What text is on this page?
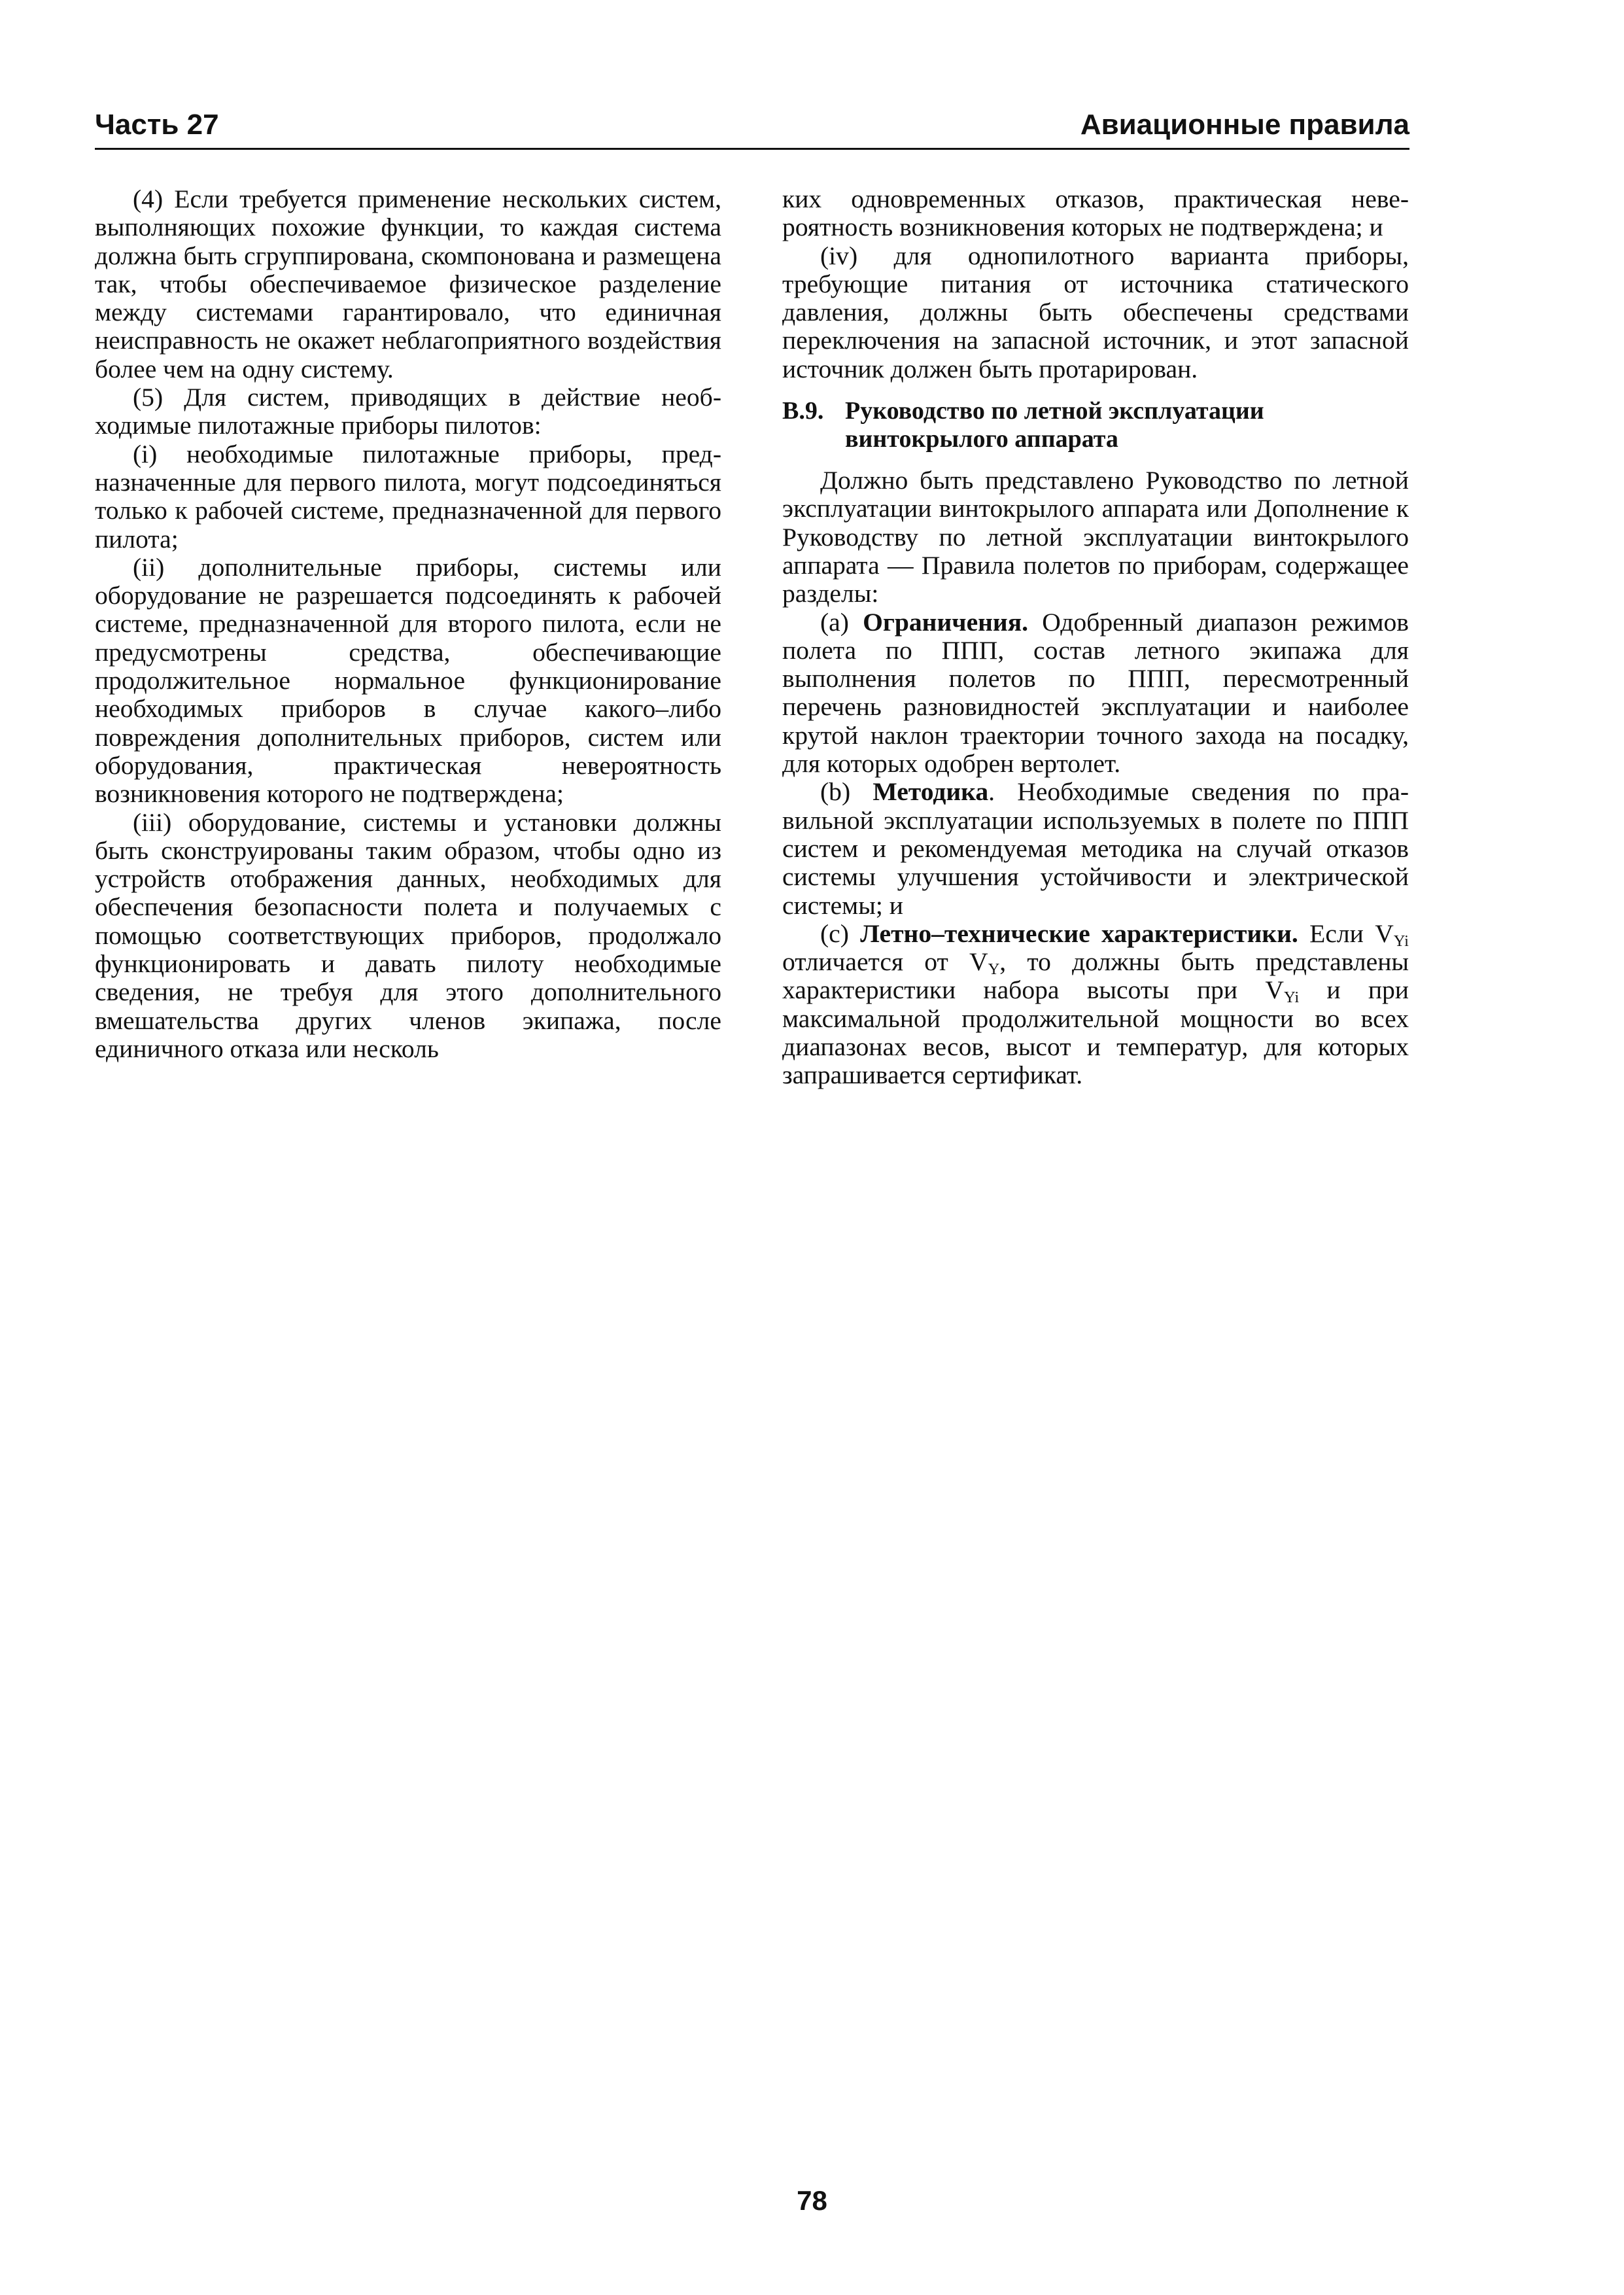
Часть 27	Авиационные правила

(4) Если требуется применение нескольких систем, выполняющих похожие функции, то каждая система должна быть сгруппирована, скомпонована и размещена так, чтобы обеспечиваемое физическое разделение между системами гарантировало, что единичная неисправность не окажет неблагоприятного воздействия более чем на одну систему.

(5) Для систем, приводящих в действие необходимые пилотажные приборы пилотов:

(i) необходимые пилотажные приборы, предназначенные для первого пилота, могут подсоединяться только к рабочей системе, предназначенной для первого пилота;

(ii) дополнительные приборы, системы или оборудование не разрешается подсоединять к рабочей системе, предназначенной для второго пилота, если не предусмотрены средства, обеспечивающие продолжительное нормальное функционирование необходимых приборов в случае какого–либо повреждения дополнительных приборов, систем или оборудования, практическая невероятность возникновения которого не подтверждена;

(iii) оборудование, системы и установки должны быть сконструированы таким образом, чтобы одно из устройств отображения данных, необходимых для обеспечения безопасности полета и получаемых с помощью соответствующих приборов, продолжало функционировать и давать пилоту необходимые сведения, не требуя для этого дополнительного вмешательства других членов экипажа, после единичного отказа или несколь

ких одновременных отказов, практическая невероятность возникновения которых не подтверждена; и

(iv) для однопилотного варианта приборы, требующие питания от источника статического давления, должны быть обеспечены средствами переключения на запасной источник, и этот запасной источник должен быть протарирован.

B.9. Руководство по летной эксплуатации винтокрылого аппарата

Должно быть представлено Руководство по летной эксплуатации винтокрылого аппарата или Дополнение к Руководству по летной эксплуатации винтокрылого аппарата — Правила полетов по приборам, содержащее разделы:

(a) Ограничения. Одобренный диапазон режимов полета по ППП, состав летного экипажа для выполнения полетов по ППП, пересмотренный перечень разновидностей эксплуатации и наиболее крутой наклон траектории точного захода на посадку, для которых одобрен вертолет.

(b) Методика. Необходимые сведения по правильной эксплуатации используемых в полете по ППП систем и рекомендуемая методика на случай отказов системы улучшения устойчивости и электрической системы; и

(c) Летно–технические характеристики. Если $V_{Yi}$ отличается от $V_Y$, то должны быть представлены характеристики набора высоты при $V_{Yi}$ и при максимальной продолжительной мощности во всех диапазонах весов, высот и температур, для которых запрашивается сертификат.

78
